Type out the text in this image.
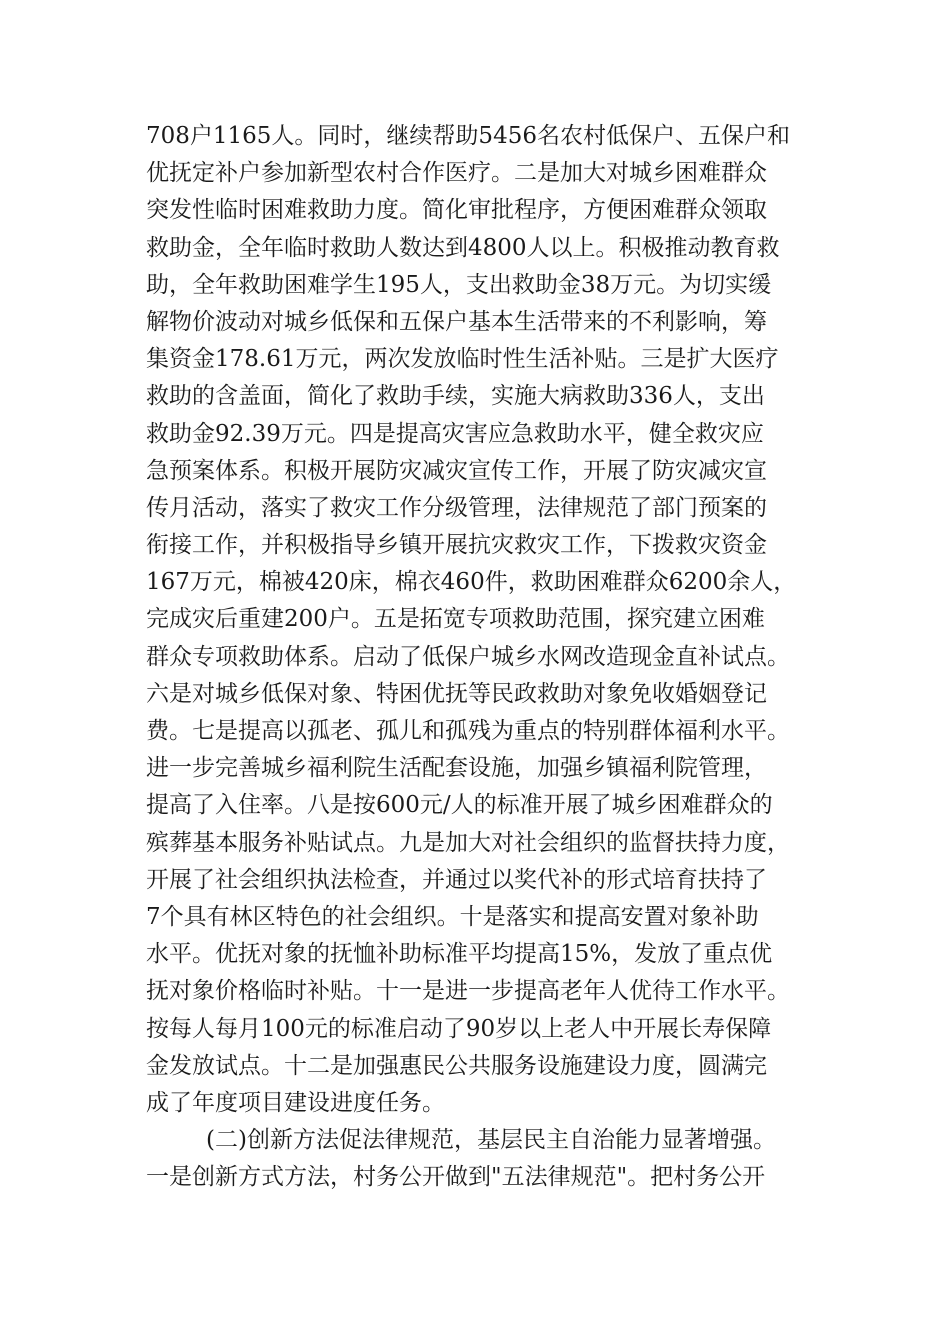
708户1165人。同时，继续帮助5456名农村低保户、五保户和
优抚定补户参加新型农村合作医疗。二是加大对城乡困难群众
突发性临时困难救助力度。简化审批程序，方便困难群众领取
救助金，全年临时救助人数达到4800人以上。积极推动教育救
助，全年救助困难学生195人，支出救助金38万元。为切实缓
解物价波动对城乡低保和五保户基本生活带来的不利影响，筹
集资金178.61万元，两次发放临时性生活补贴。三是扩大医疗
救助的含盖面，简化了救助手续，实施大病救助336人，支出
救助金92.39万元。四是提高灾害应急救助水平，健全救灾应
急预案体系。积极开展防灾减灾宣传工作，开展了防灾减灾宣
传月活动，落实了救灾工作分级管理，法律规范了部门预案的
衔接工作，并积极指导乡镇开展抗灾救灾工作，下拨救灾资金
167万元，棉被420床，棉衣460件，救助困难群众6200余人，
完成灾后重建200户。五是拓宽专项救助范围，探究建立困难
群众专项救助体系。启动了低保户城乡水网改造现金直补试点。
六是对城乡低保对象、特困优抚等民政救助对象免收婚姻登记
费。七是提高以孤老、孤儿和孤残为重点的特别群体福利水平。
进一步完善城乡福利院生活配套设施，加强乡镇福利院管理，
提高了入住率。八是按600元/人的标准开展了城乡困难群众的
殡葬基本服务补贴试点。九是加大对社会组织的监督扶持力度，
开展了社会组织执法检查，并通过以奖代补的形式培育扶持了
7个具有林区特色的社会组织。十是落实和提高安置对象补助
水平。优抚对象的抚恤补助标准平均提高15%，发放了重点优
抚对象价格临时补贴。十一是进一步提高老年人优待工作水平。
按每人每月100元的标准启动了90岁以上老人中开展长寿保障
金发放试点。十二是加强惠民公共服务设施建设力度，圆满完
成了年度项目建设进度任务。
(二)创新方法促法律规范，基层民主自治能力显著增强。
一是创新方式方法，村务公开做到"五法律规范"。把村务公开
